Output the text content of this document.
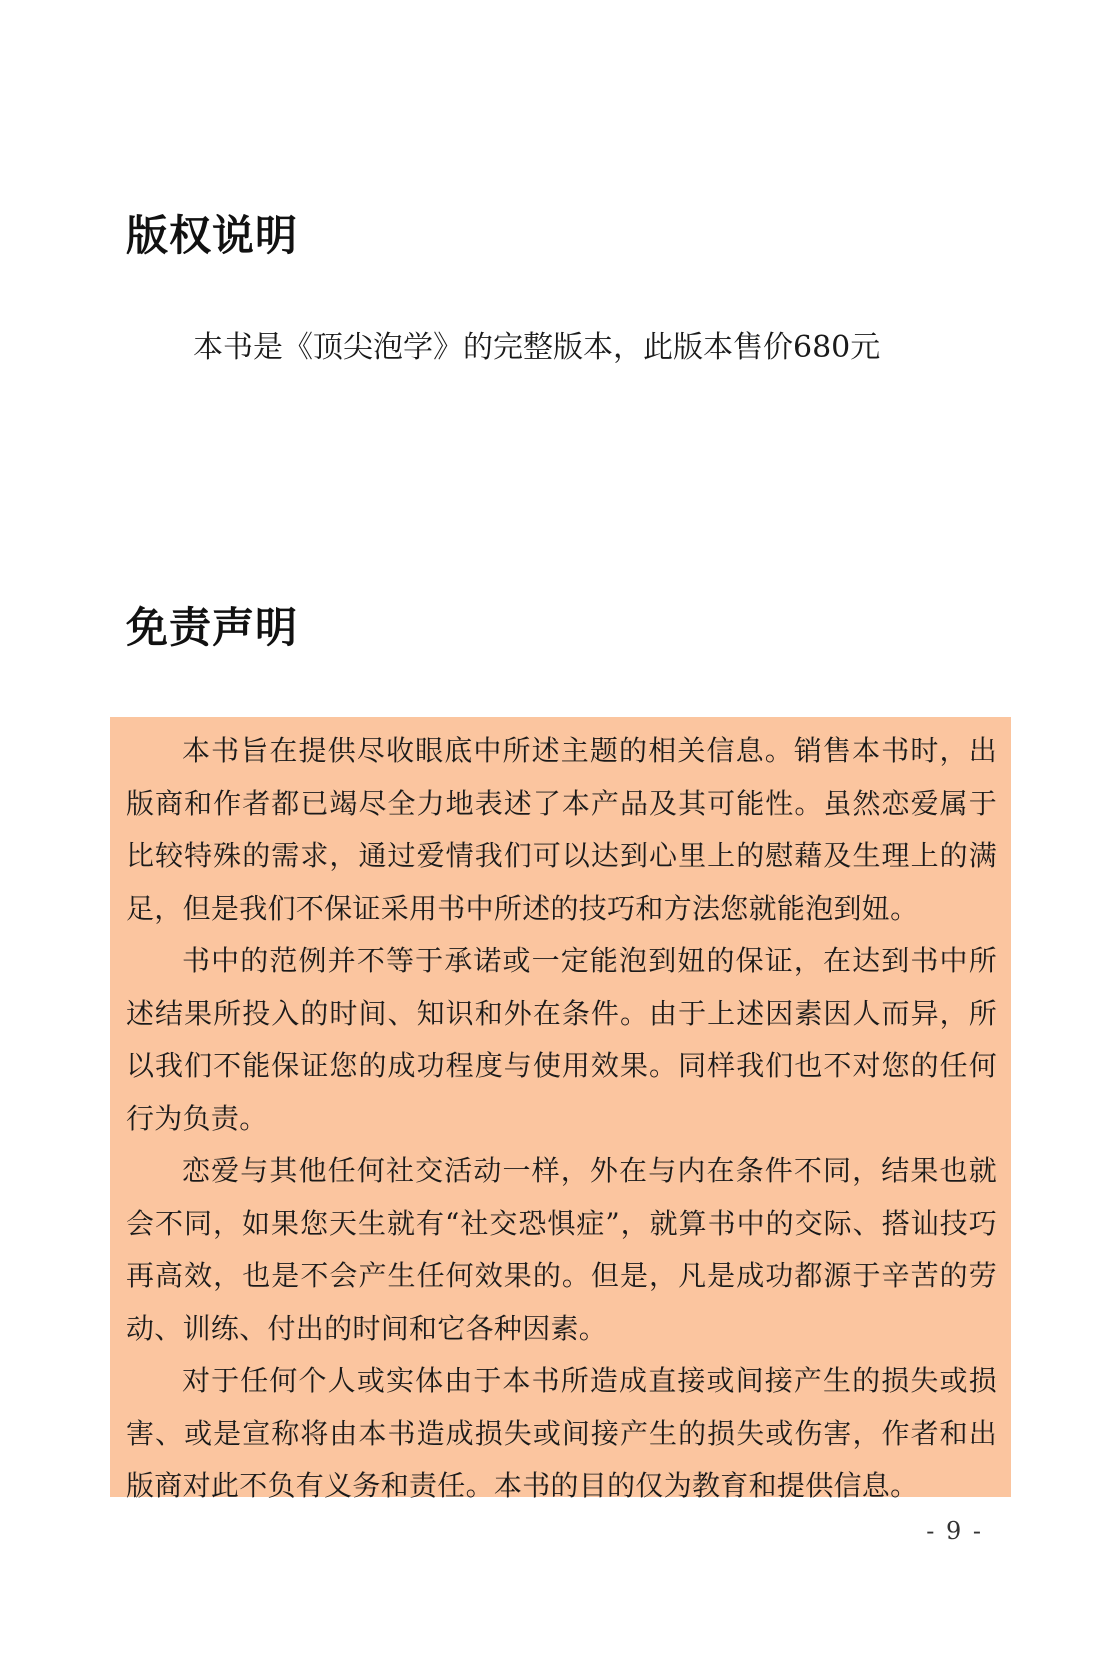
版权说明

本书是《顶尖泡学》的完整版本，此版本售价680元

免责声明

本书旨在提供尽收眼底中所述主题的相关信息。销售本书时，出版商和作者都已竭尽全力地表述了本产品及其可能性。虽然恋爱属于比较特殊的需求，通过爱情我们可以达到心里上的慰藉及生理上的满足，但是我们不保证采用书中所述的技巧和方法您就能泡到妞。

书中的范例并不等于承诺或一定能泡到妞的保证，在达到书中所述结果所投入的时间、知识和外在条件。由于上述因素因人而异，所以我们不能保证您的成功程度与使用效果。同样我们也不对您的任何行为负责。

恋爱与其他任何社交活动一样，外在与内在条件不同，结果也就会不同，如果您天生就有“社交恐惧症”，就算书中的交际、搭讪技巧再高效，也是不会产生任何效果的。但是，凡是成功都源于辛苦的劳动、训练、付出的时间和它各种因素。

对于任何个人或实体由于本书所造成直接或间接产生的损失或损害、或是宣称将由本书造成损失或间接产生的损失或伤害，作者和出版商对此不负有义务和责任。本书的目的仅为教育和提供信息。

- 9 -
